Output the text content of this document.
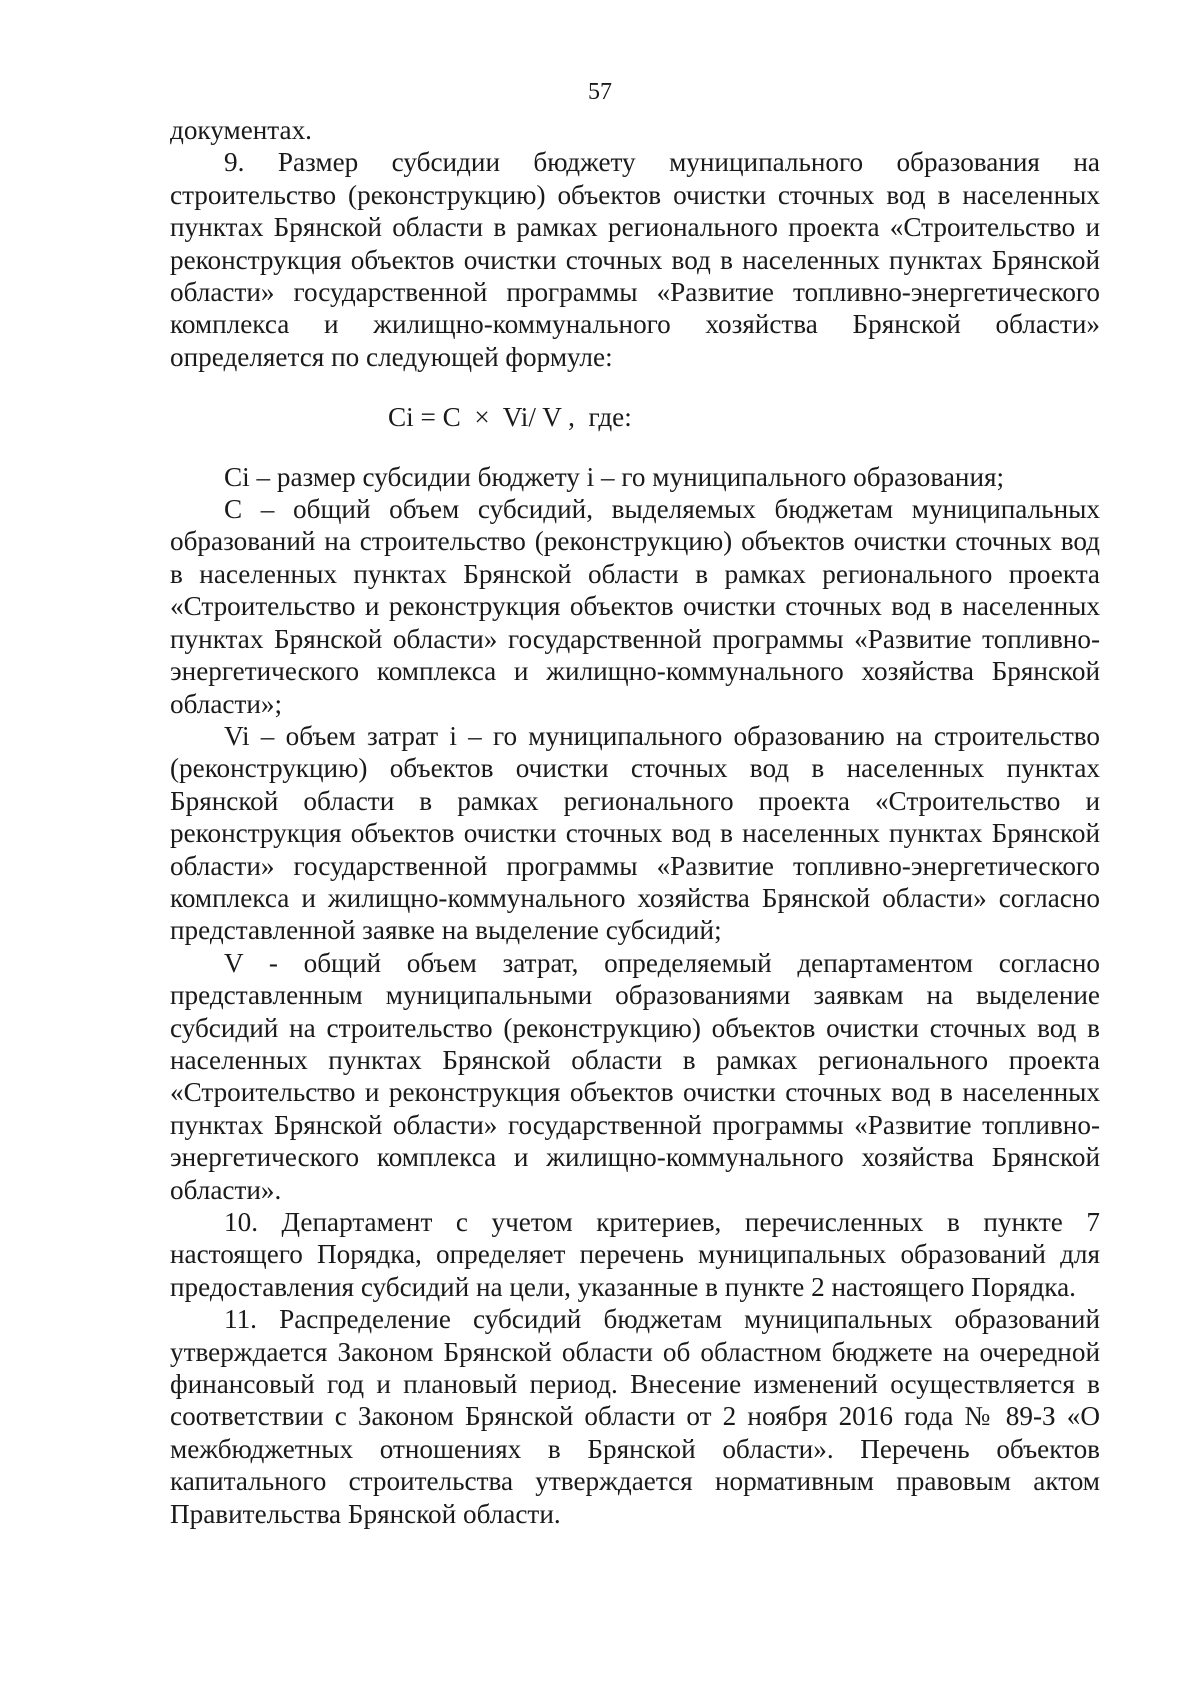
57

документах.

9. Размер субсидии бюджету муниципального образования на строительство (реконструкцию) объектов очистки сточных вод в населенных пунктах Брянской области в рамках регионального проекта «Строительство и реконструкция объектов очистки сточных вод в населенных пунктах Брянской области» государственной программы «Развитие топливно-энергетического комплекса и жилищно-коммунального хозяйства Брянской области» определяется по следующей формуле:

Ci = C  ×  Vi/ V ,  где:

Ci – размер субсидии бюджету i – го муниципального образования;

С – общий объем субсидий, выделяемых бюджетам муниципальных образований на строительство (реконструкцию) объектов очистки сточных вод в населенных пунктах Брянской области в рамках регионального проекта «Строительство и реконструкция объектов очистки сточных вод в населенных пунктах Брянской области» государственной программы «Развитие топливно-энергетического комплекса и жилищно-коммунального хозяйства Брянской области»;

Vi – объем затрат i – го муниципального образованию на строительство (реконструкцию) объектов очистки сточных вод в населенных пунктах Брянской области в рамках регионального проекта «Строительство и реконструкция объектов очистки сточных вод в населенных пунктах Брянской области» государственной программы «Развитие топливно-энергетического комплекса и жилищно-коммунального хозяйства Брянской области» согласно представленной заявке на выделение субсидий;

V - общий объем затрат, определяемый департаментом согласно представленным муниципальными образованиями заявкам на выделение субсидий на строительство (реконструкцию) объектов очистки сточных вод в населенных пунктах Брянской области в рамках регионального проекта «Строительство и реконструкция объектов очистки сточных вод в населенных пунктах Брянской области» государственной программы «Развитие топливно-энергетического комплекса и жилищно-коммунального хозяйства Брянской области».

10. Департамент с учетом критериев, перечисленных в пункте 7 настоящего Порядка, определяет перечень муниципальных образований для предоставления субсидий на цели, указанные в пункте 2 настоящего Порядка.

11. Распределение субсидий бюджетам муниципальных образований утверждается Законом Брянской области об областном бюджете на очередной финансовый год и плановый период. Внесение изменений осуществляется в соответствии с Законом Брянской области от 2 ноября 2016 года № 89-З «О межбюджетных отношениях в Брянской области». Перечень объектов капитального строительства утверждается нормативным правовым актом Правительства Брянской области.
